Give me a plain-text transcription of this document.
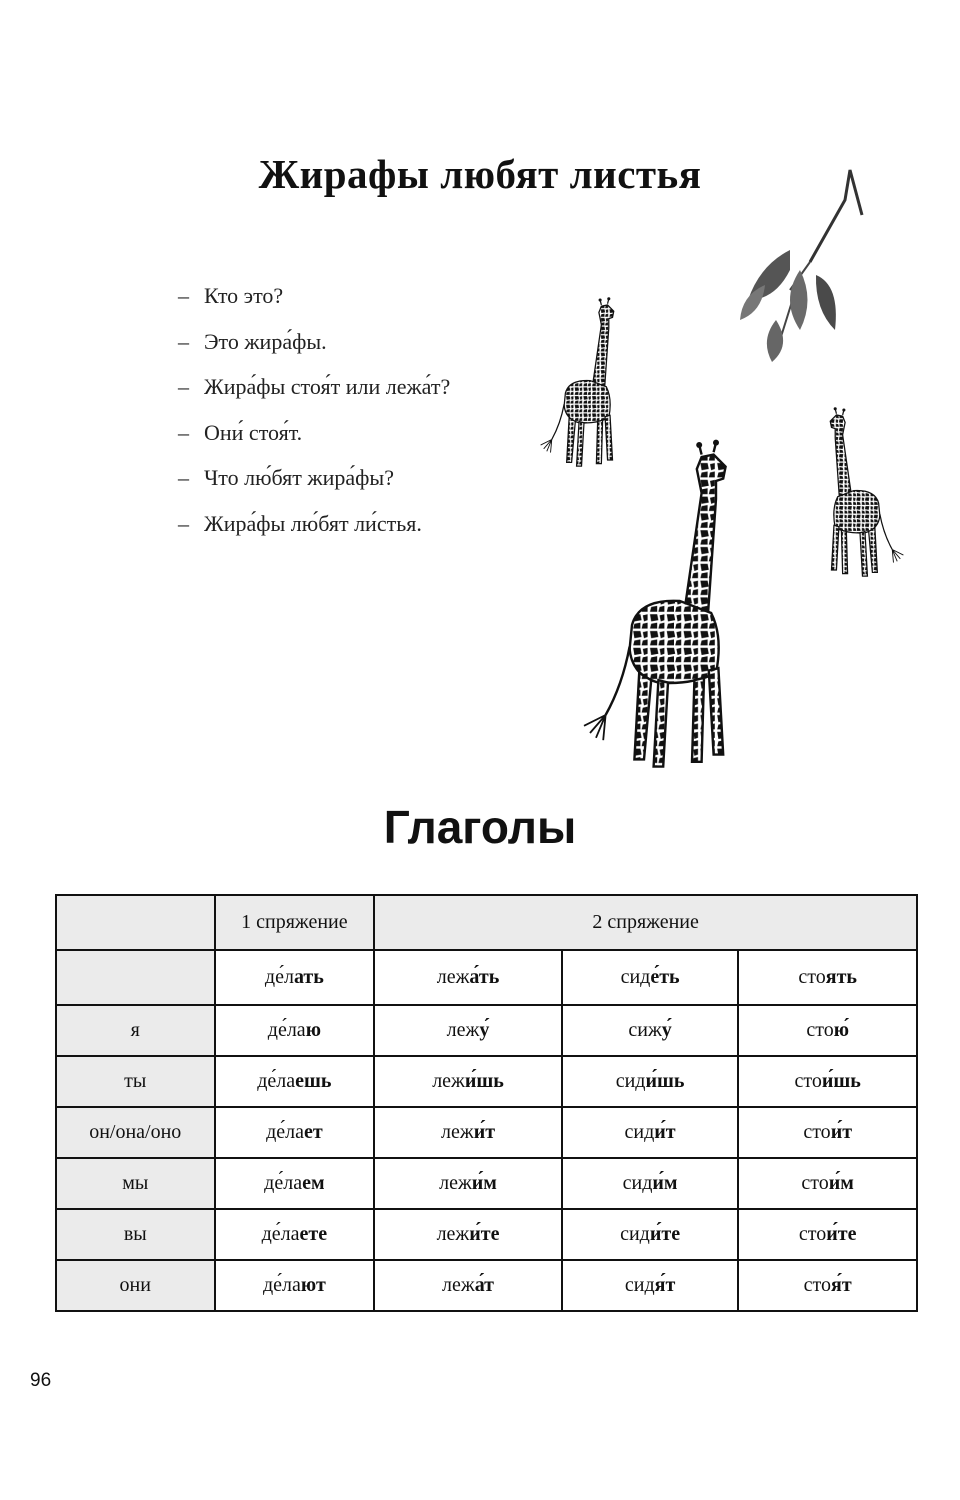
Жирафы любят листья
– Кто это?
– Это жира́фы.
– Жира́фы стоя́т или лежа́т?
– Они́ стоя́т.
– Что лю́бят жира́фы?
– Жира́фы лю́бят ли́стья.
Глаголы
	1 спряжение	2 спряжение		
	де́лать	лежа́ть	сиде́ть	стоять
я	де́лаю	лежу́	сижу́	стою́
ты	де́лаешь	лежи́шь	сиди́шь	стои́шь
он/она/оно	де́лает	лежи́т	сиди́т	стои́т
мы	де́лаем	лежи́м	сиди́м	стои́м
вы	де́лаете	лежи́те	сиди́те	стои́те
они	де́лают	лежа́т	сидя́т	стоя́т
96
